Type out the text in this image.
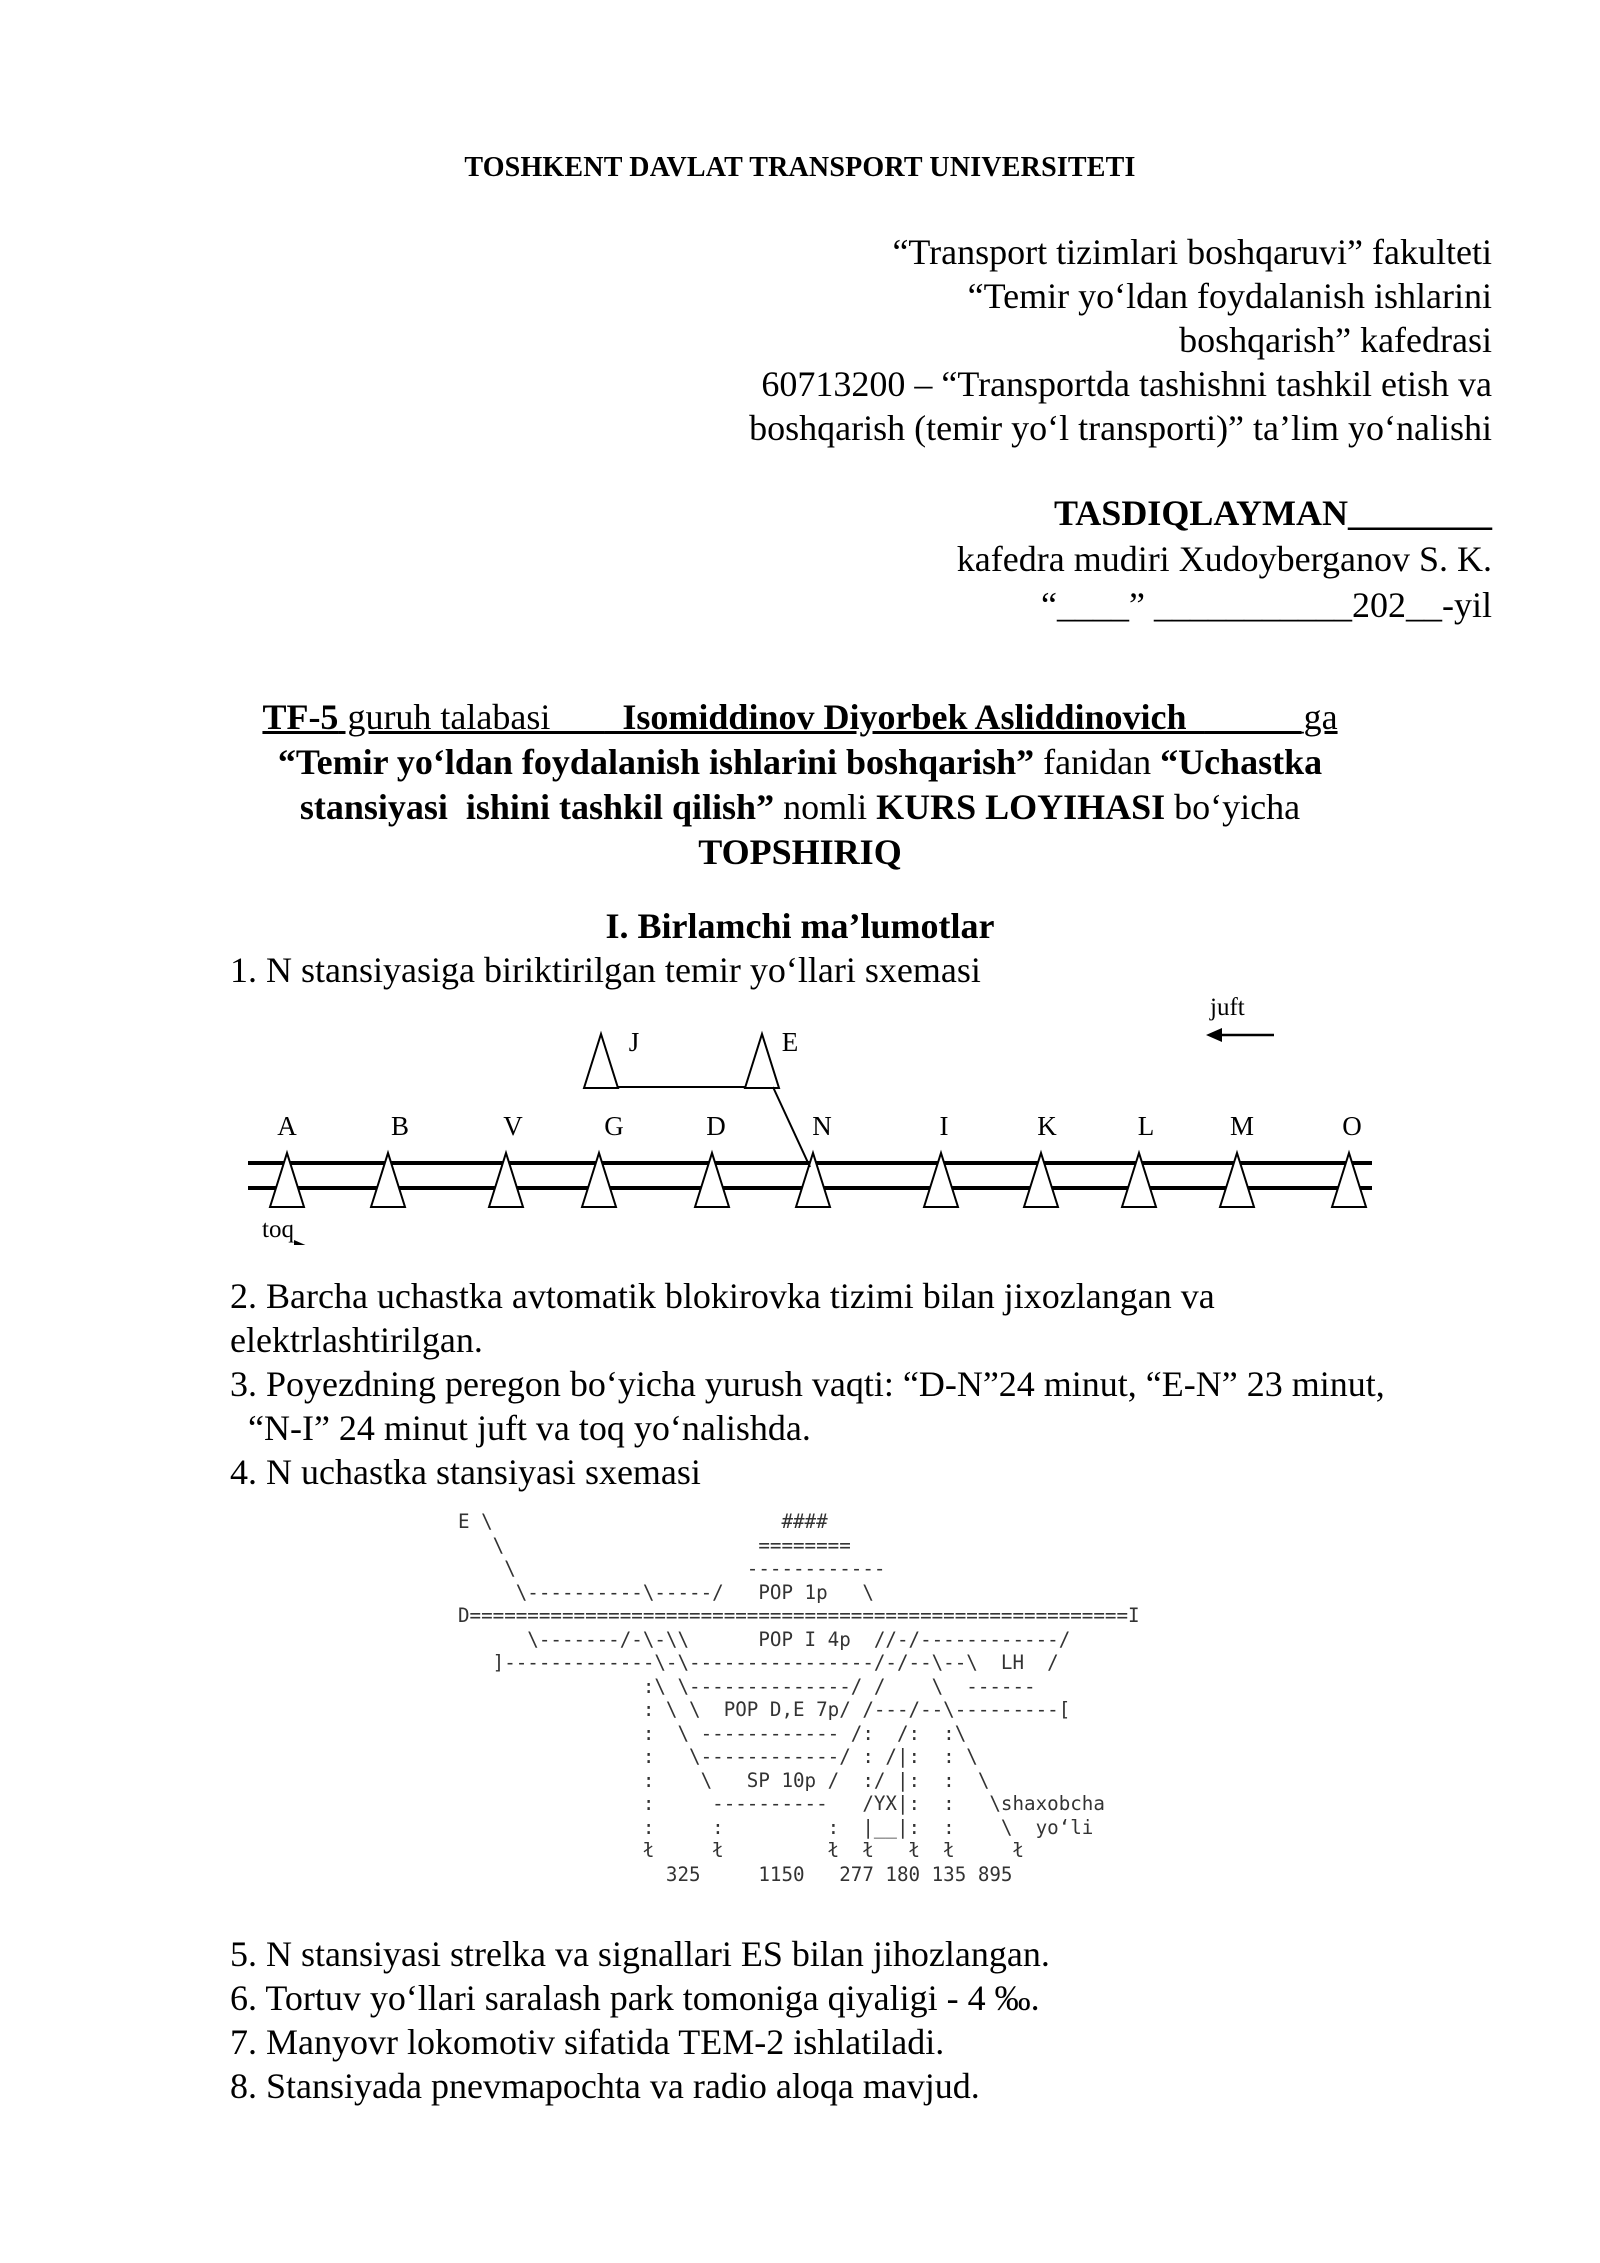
TOSHKENT DAVLAT TRANSPORT UNIVERSITETI
“Transport tizimlari boshqaruvi” fakulteti
“Temir yo‘ldan foydalanish ishlarini
boshqarish” kafedrasi
60713200 – “Transportda tashishni tashkil etish va
boshqarish (temir yo‘l transporti)” ta’lim yo‘nalishi
TASDIQLAYMAN________
kafedra mudiri Xudoyberganov S. K.
“____” ___________202__-yil
TF-5 guruh talabasi      _Isomiddinov Diyorbek Asliddinovich_       __ga
“Temir yo‘ldan foydalanish ishlarini boshqarish” fanidan “Uchastka
stansiyasi  ishini tashkil qilish” nomli KURS LOYIHASI bo‘yicha
TOPSHIRIQ
I. Birlamchi ma’lumotlar
1. N stansiyasiga biriktirilgan temir yo‘llari sxemasi
A	B	V	G	D	N	I	K	L	M	O
J	E
juft
toq
2. Barcha uchastka avtomatik blokirovka tizimi bilan jixozlangan va
elektrlashtirilgan.
3. Poyezdning peregon bo‘yicha yurush vaqti: “D-N”24 minut, “E-N” 23 minut,
“N-I” 24 minut juft va toq yo‘nalishda.
4. N uchastka stansiyasi sxemasi
E \                         ####
\                      ========
\                    ------------
\----------\-----/   POP 1p   \
D=========================================================I
\-------/-\-\\      POP I 4p  //-/------------/
]-------------\-\----------------/-/--\--\  LH  /
:\ \--------------/ /    \  ------
: \ \  POP D,E 7p/ /---/--\---------[
:  \ ------------ /:  /:  :\
:   \------------/ : /|:  : \
:    \   SP 10p /  :/ |:  :  \
:     ----------   /YX|:  :   \shaxobcha
:     :         :  |__|:  :    \  yo‘li
ł     ł         ł  ł   ł  ł     ł
325     1150   277 180 135 895
5. N stansiyasi strelka va signallari ES bilan jihozlangan.
6. Tortuv yo‘llari saralash park tomoniga qiyaligi - 4 ‰.
7. Manyovr lokomotiv sifatida TEM-2 ishlatiladi.
8. Stansiyada pnevmapochta va radio aloqa mavjud.
